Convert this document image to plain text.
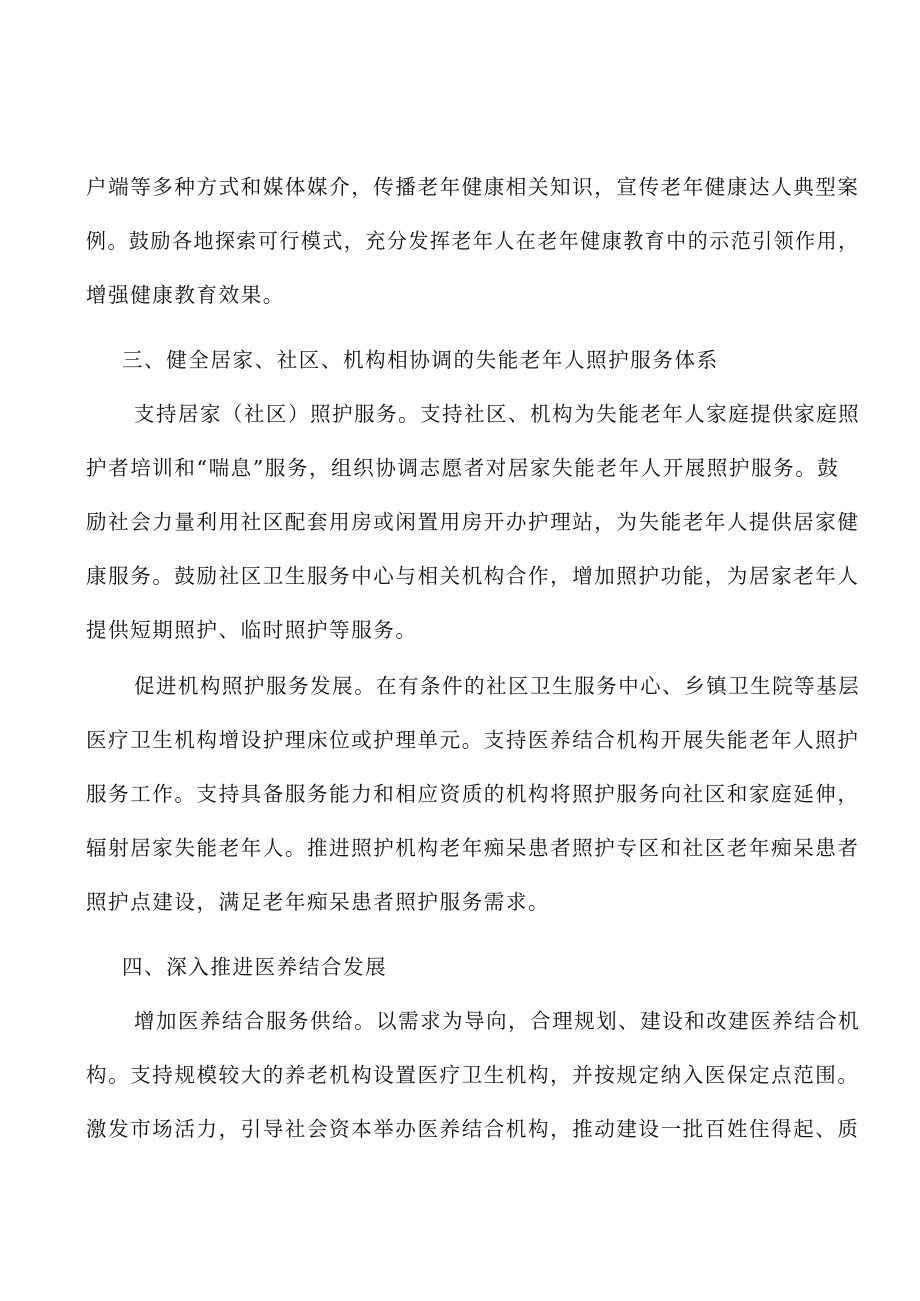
户端等多种方式和媒体媒介，传播老年健康相关知识，宣传老年健康达人典型案
例。鼓励各地探索可行模式，充分发挥老年人在老年健康教育中的示范引领作用，
增强健康教育效果。
三、健全居家、社区、机构相协调的失能老年人照护服务体系
支持居家（社区）照护服务。支持社区、机构为失能老年人家庭提供家庭照
护者培训和“喘息”服务，组织协调志愿者对居家失能老年人开展照护服务。鼓
励社会力量利用社区配套用房或闲置用房开办护理站，为失能老年人提供居家健
康服务。鼓励社区卫生服务中心与相关机构合作，增加照护功能，为居家老年人
提供短期照护、临时照护等服务。
促进机构照护服务发展。在有条件的社区卫生服务中心、乡镇卫生院等基层
医疗卫生机构增设护理床位或护理单元。支持医养结合机构开展失能老年人照护
服务工作。支持具备服务能力和相应资质的机构将照护服务向社区和家庭延伸，
辐射居家失能老年人。推进照护机构老年痴呆患者照护专区和社区老年痴呆患者
照护点建设，满足老年痴呆患者照护服务需求。
四、深入推进医养结合发展
增加医养结合服务供给。以需求为导向，合理规划、建设和改建医养结合机
构。支持规模较大的养老机构设置医疗卫生机构，并按规定纳入医保定点范围。
激发市场活力，引导社会资本举办医养结合机构，推动建设一批百姓住得起、质
